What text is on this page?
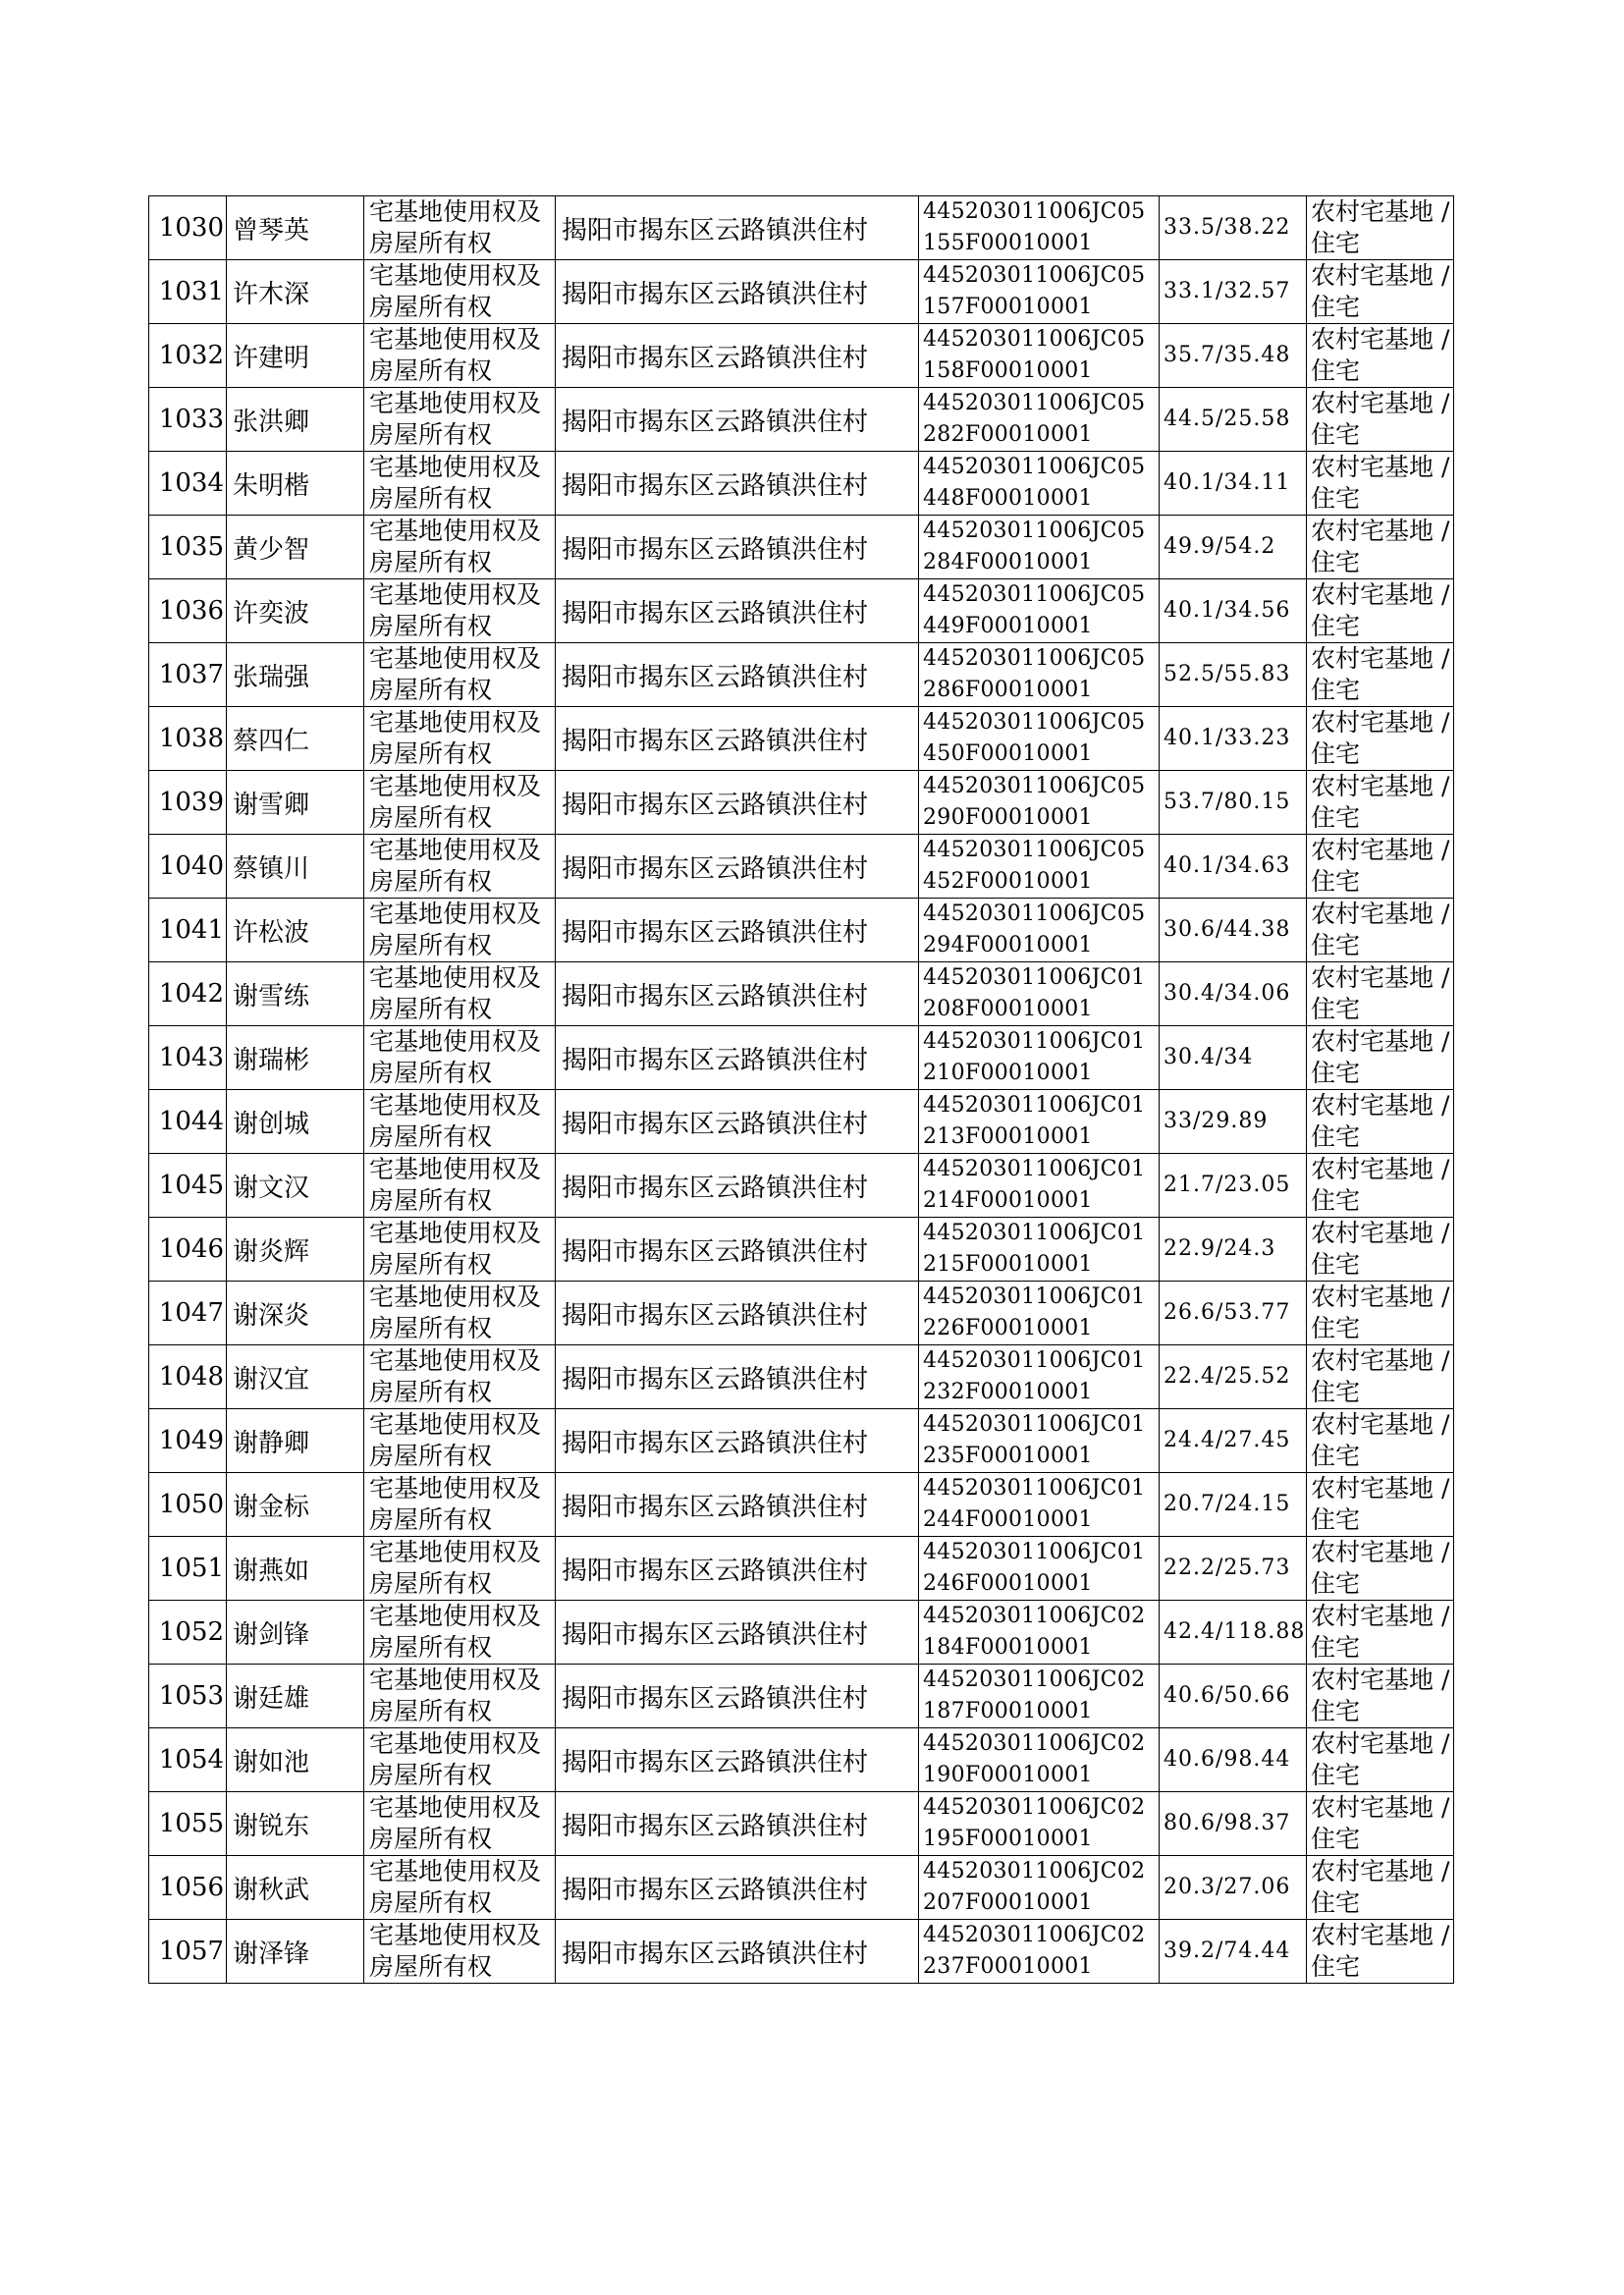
1030	曾琴英	宅基地使用权及房屋所有权	揭阳市揭东区云路镇洪住村	445203011006JC05155F00010001	33.5/38.22	农村宅基地 / 住宅

1031	许木深	宅基地使用权及房屋所有权	揭阳市揭东区云路镇洪住村	445203011006JC05157F00010001	33.1/32.57	农村宅基地 / 住宅

1032	许建明	宅基地使用权及房屋所有权	揭阳市揭东区云路镇洪住村	445203011006JC05158F00010001	35.7/35.48	农村宅基地 / 住宅

1033	张洪卿	宅基地使用权及房屋所有权	揭阳市揭东区云路镇洪住村	445203011006JC05282F00010001	44.5/25.58	农村宅基地 / 住宅

1034	朱明楷	宅基地使用权及房屋所有权	揭阳市揭东区云路镇洪住村	445203011006JC05448F00010001	40.1/34.11	农村宅基地 / 住宅

1035	黄少智	宅基地使用权及房屋所有权	揭阳市揭东区云路镇洪住村	445203011006JC05284F00010001	49.9/54.2	农村宅基地 / 住宅

1036	许奕波	宅基地使用权及房屋所有权	揭阳市揭东区云路镇洪住村	445203011006JC05449F00010001	40.1/34.56	农村宅基地 / 住宅

1037	张瑞强	宅基地使用权及房屋所有权	揭阳市揭东区云路镇洪住村	445203011006JC05286F00010001	52.5/55.83	农村宅基地 / 住宅

1038	蔡四仁	宅基地使用权及房屋所有权	揭阳市揭东区云路镇洪住村	445203011006JC05450F00010001	40.1/33.23	农村宅基地 / 住宅

1039	谢雪卿	宅基地使用权及房屋所有权	揭阳市揭东区云路镇洪住村	445203011006JC05290F00010001	53.7/80.15	农村宅基地 / 住宅

1040	蔡镇川	宅基地使用权及房屋所有权	揭阳市揭东区云路镇洪住村	445203011006JC05452F00010001	40.1/34.63	农村宅基地 / 住宅

1041	许松波	宅基地使用权及房屋所有权	揭阳市揭东区云路镇洪住村	445203011006JC05294F00010001	30.6/44.38	农村宅基地 / 住宅

1042	谢雪练	宅基地使用权及房屋所有权	揭阳市揭东区云路镇洪住村	445203011006JC01208F00010001	30.4/34.06	农村宅基地 / 住宅

1043	谢瑞彬	宅基地使用权及房屋所有权	揭阳市揭东区云路镇洪住村	445203011006JC01210F00010001	30.4/34	农村宅基地 / 住宅

1044	谢创城	宅基地使用权及房屋所有权	揭阳市揭东区云路镇洪住村	445203011006JC01213F00010001	33/29.89	农村宅基地 / 住宅

1045	谢文汉	宅基地使用权及房屋所有权	揭阳市揭东区云路镇洪住村	445203011006JC01214F00010001	21.7/23.05	农村宅基地 / 住宅

1046	谢炎辉	宅基地使用权及房屋所有权	揭阳市揭东区云路镇洪住村	445203011006JC01215F00010001	22.9/24.3	农村宅基地 / 住宅

1047	谢深炎	宅基地使用权及房屋所有权	揭阳市揭东区云路镇洪住村	445203011006JC01226F00010001	26.6/53.77	农村宅基地 / 住宅

1048	谢汉宜	宅基地使用权及房屋所有权	揭阳市揭东区云路镇洪住村	445203011006JC01232F00010001	22.4/25.52	农村宅基地 / 住宅

1049	谢静卿	宅基地使用权及房屋所有权	揭阳市揭东区云路镇洪住村	445203011006JC01235F00010001	24.4/27.45	农村宅基地 / 住宅

1050	谢金标	宅基地使用权及房屋所有权	揭阳市揭东区云路镇洪住村	445203011006JC01244F00010001	20.7/24.15	农村宅基地 / 住宅

1051	谢燕如	宅基地使用权及房屋所有权	揭阳市揭东区云路镇洪住村	445203011006JC01246F00010001	22.2/25.73	农村宅基地 / 住宅

1052	谢剑锋	宅基地使用权及房屋所有权	揭阳市揭东区云路镇洪住村	445203011006JC02184F00010001	42.4/118.88	农村宅基地 / 住宅

1053	谢廷雄	宅基地使用权及房屋所有权	揭阳市揭东区云路镇洪住村	445203011006JC02187F00010001	40.6/50.66	农村宅基地 / 住宅

1054	谢如池	宅基地使用权及房屋所有权	揭阳市揭东区云路镇洪住村	445203011006JC02190F00010001	40.6/98.44	农村宅基地 / 住宅

1055	谢锐东	宅基地使用权及房屋所有权	揭阳市揭东区云路镇洪住村	445203011006JC02195F00010001	80.6/98.37	农村宅基地 / 住宅

1056	谢秋武	宅基地使用权及房屋所有权	揭阳市揭东区云路镇洪住村	445203011006JC02207F00010001	20.3/27.06	农村宅基地 / 住宅

1057	谢泽锋	宅基地使用权及房屋所有权	揭阳市揭东区云路镇洪住村	445203011006JC02237F00010001	39.2/74.44	农村宅基地 / 住宅
